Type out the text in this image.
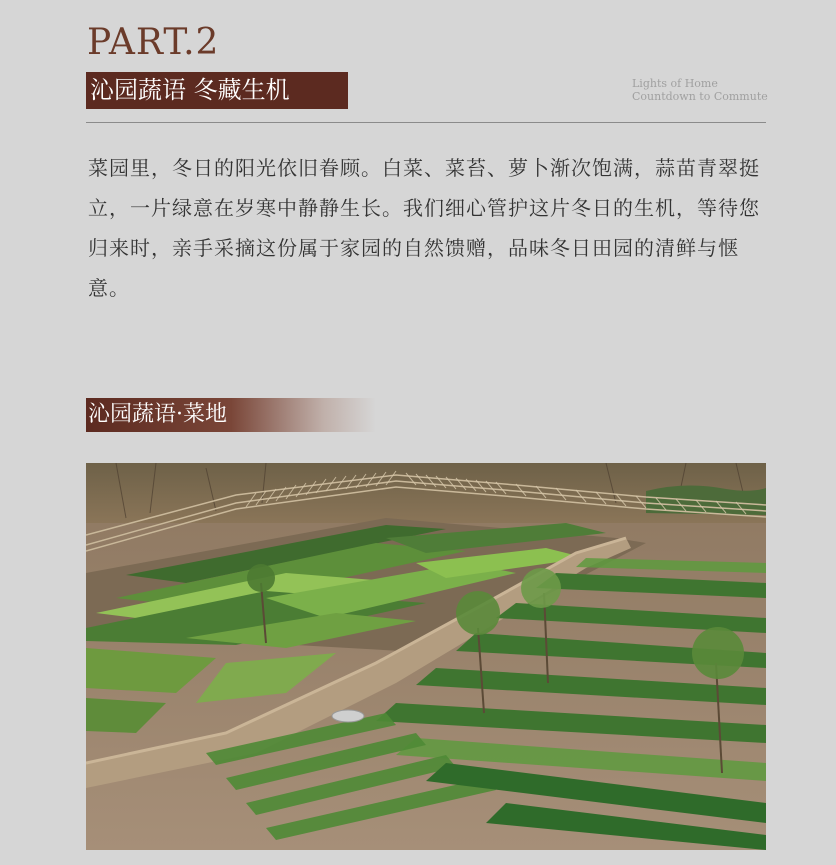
PART.2
沁园蔬语 冬藏生机	Lights of Home
Countdown to Commute

菜园里，冬日的阳光依旧眷顾。白菜、菜苔、萝卜渐次饱满，蒜苗青翠挺立，一片绿意在岁寒中静静生长。我们细心管护这片冬日的生机，等待您归来时，亲手采摘这份属于家园的自然馈赠，品味冬日田园的清鲜与惬意。

沁园蔬语·菜地
